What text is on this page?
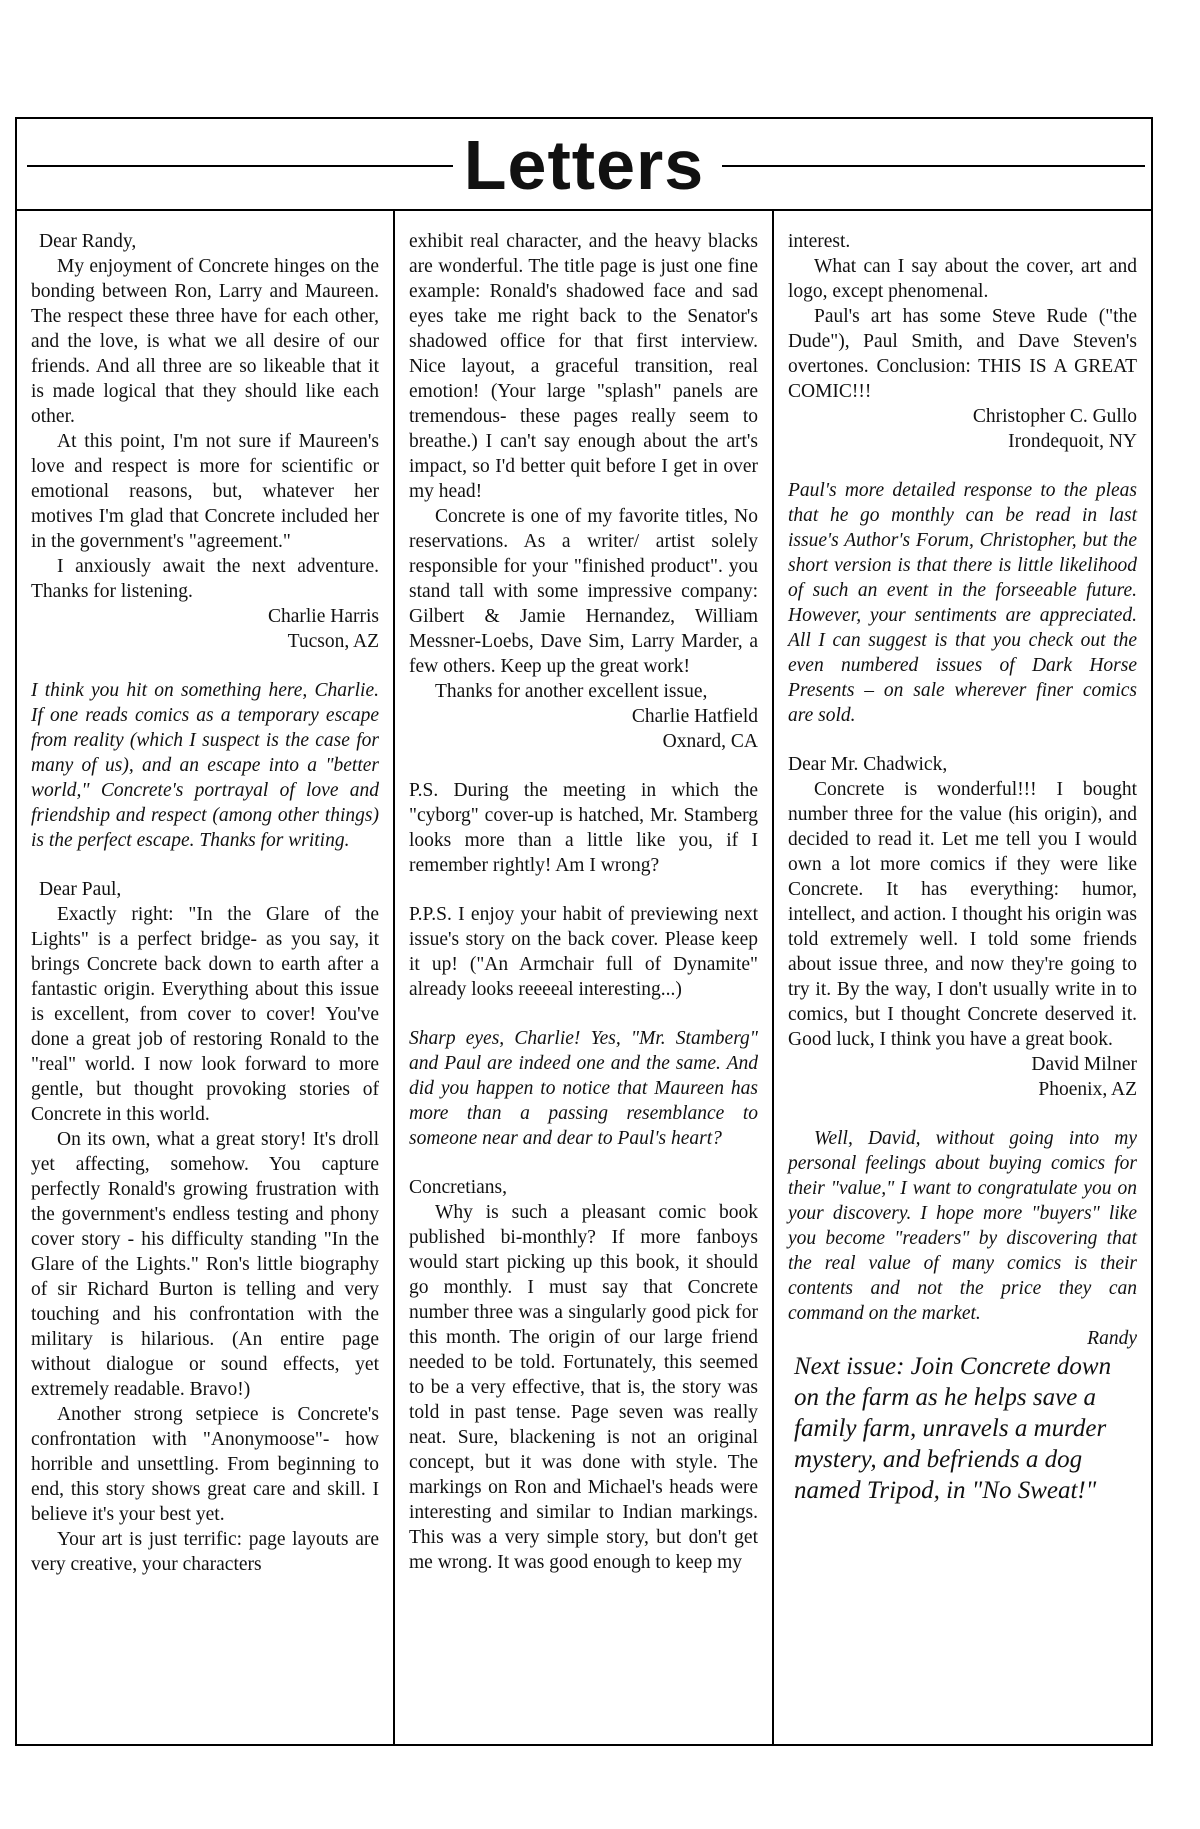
Letters

Dear Randy,

My enjoyment of Concrete hinges on the bonding between Ron, Larry and Maureen. The respect these three have for each other, and the love, is what we all desire of our friends. And all three are so likeable that it is made logical that they should like each other.

At this point, I'm not sure if Maureen's love and respect is more for scientific or emotional reasons, but, whatever her motives I'm glad that Concrete included her in the government's "agreement."

I anxiously await the next adventure. Thanks for listening.

Charlie Harris

Tucson, AZ

I think you hit on something here, Charlie. If one reads comics as a temporary escape from reality (which I suspect is the case for many of us), and an escape into a "better world," Concrete's portrayal of love and friendship and respect (among other things) is the perfect escape. Thanks for writing.

Dear Paul,

Exactly right: "In the Glare of the Lights" is a perfect bridge- as you say, it brings Concrete back down to earth after a fantastic origin. Everything about this issue is excellent, from cover to cover! You've done a great job of restoring Ronald to the "real" world. I now look forward to more gentle, but thought provoking stories of Concrete in this world.

On its own, what a great story! It's droll yet affecting, somehow. You capture perfectly Ronald's growing frustration with the government's endless testing and phony cover story - his difficulty standing "In the Glare of the Lights." Ron's little biography of sir Richard Burton is telling and very touching and his confrontation with the military is hilarious. (An entire page without dialogue or sound effects, yet extremely readable. Bravo!)

Another strong setpiece is Concrete's confrontation with "Anonymoose"- how horrible and unsettling. From beginning to end, this story shows great care and skill. I believe it's your best yet.

Your art is just terrific: page layouts are very creative, your characters

exhibit real character, and the heavy blacks are wonderful. The title page is just one fine example: Ronald's shadowed face and sad eyes take me right back to the Senator's shadowed office for that first interview. Nice layout, a graceful transition, real emotion! (Your large "splash" panels are tremendous- these pages really seem to breathe.) I can't say enough about the art's impact, so I'd better quit before I get in over my head!

Concrete is one of my favorite titles, No reservations. As a writer/ artist solely responsible for your "finished product". you stand tall with some impressive company: Gilbert & Jamie Hernandez, William Messner-Loebs, Dave Sim, Larry Marder, a few others. Keep up the great work!

Thanks for another excellent issue,

Charlie Hatfield

Oxnard, CA

P.S. During the meeting in which the "cyborg" cover-up is hatched, Mr. Stamberg looks more than a little like you, if I remember rightly! Am I wrong?

P.P.S. I enjoy your habit of previewing next issue's story on the back cover. Please keep it up! ("An Armchair full of Dynamite" already looks reeeeal interesting...)

Sharp eyes, Charlie! Yes, "Mr. Stamberg" and Paul are indeed one and the same. And did you happen to notice that Maureen has more than a passing resemblance to someone near and dear to Paul's heart?

Concretians,

Why is such a pleasant comic book published bi-monthly? If more fanboys would start picking up this book, it should go monthly. I must say that Concrete number three was a singularly good pick for this month. The origin of our large friend needed to be told. Fortunately, this seemed to be a very effective, that is, the story was told in past tense. Page seven was really neat. Sure, blackening is not an original concept, but it was done with style. The markings on Ron and Michael's heads were interesting and similar to Indian markings. This was a very simple story, but don't get me wrong. It was good enough to keep my

interest.

What can I say about the cover, art and logo, except phenomenal.

Paul's art has some Steve Rude ("the Dude"), Paul Smith, and Dave Steven's overtones. Conclusion: THIS IS A GREAT COMIC!!!

Christopher C. Gullo

Irondequoit, NY

Paul's more detailed response to the pleas that he go monthly can be read in last issue's Author's Forum, Christopher, but the short version is that there is little likelihood of such an event in the forseeable future. However, your sentiments are appreciated. All I can suggest is that you check out the even numbered issues of Dark Horse Presents – on sale wherever finer comics are sold.

Dear Mr. Chadwick,

Concrete is wonderful!!! I bought number three for the value (his origin), and decided to read it. Let me tell you I would own a lot more comics if they were like Concrete. It has everything: humor, intellect, and action. I thought his origin was told extremely well. I told some friends about issue three, and now they're going to try it. By the way, I don't usually write in to comics, but I thought Concrete deserved it. Good luck, I think you have a great book.

David Milner

Phoenix, AZ

Well, David, without going into my personal feelings about buying comics for their "value," I want to congratulate you on your discovery. I hope more "buyers" like you become "readers" by discovering that the real value of many comics is their contents and not the price they can command on the market.

Randy

Next issue: Join Concrete down on the farm as he helps save a family farm, unravels a murder mystery, and befriends a dog named Tripod, in "No Sweat!"
